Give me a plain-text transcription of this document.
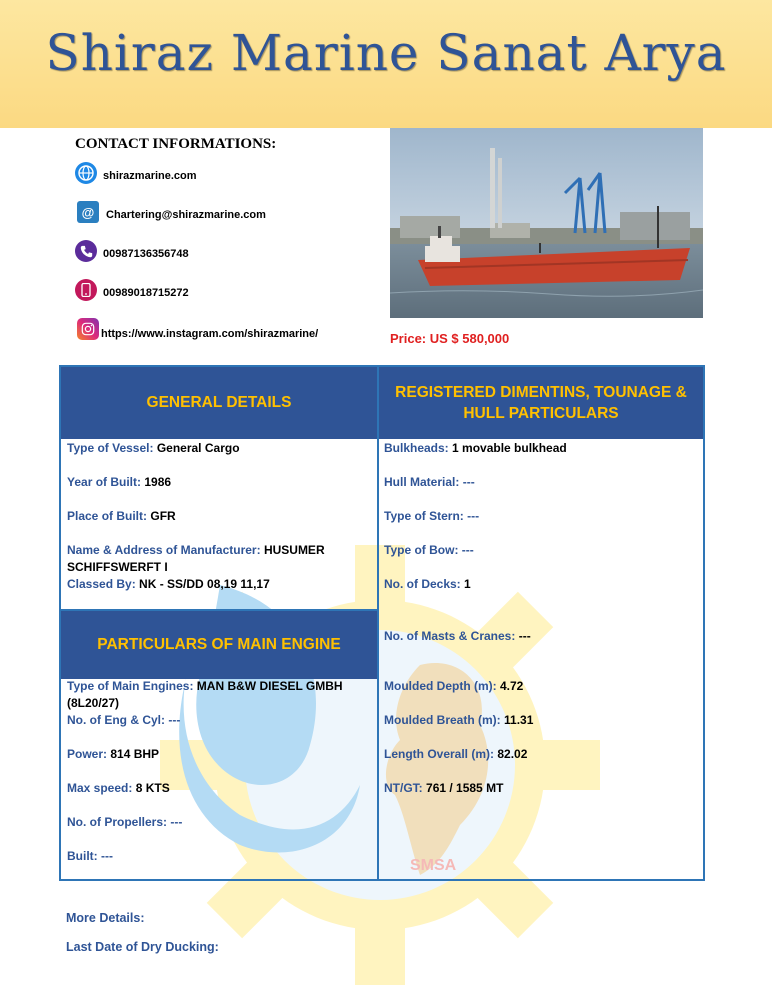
Shiraz Marine Sanat Arya
SMSA
CONTACT INFORMATIONS:
shirazmarine.com
@	Chartering@shirazmarine.com
00987136356748
00989018715272
https://www.instagram.com/shirazmarine/	Price: US $ 580,000
GENERAL DETAILS
REGISTERED DIMENTINS, TOUNAGE & HULL PARTICULARS
PARTICULARS OF MAIN ENGINE
Type of Vessel: General Cargo
Year of Built: 1986
Place of Built: GFR
Name & Address of Manufacturer: HUSUMER SCHIFFSWERFT I
Classed By: NK - SS/DD 08,19 11,17
Type of Main Engines: MAN B&W DIESEL GMBH (8L20/27)
No. of Eng & Cyl: ---
Power: 814 BHP
Max speed: 8 KTS
No. of Propellers: ---
Built: ---
Bulkheads: 1 movable bulkhead
Hull Material: ---
Type of Stern: ---
Type of Bow: ---
No. of Decks: 1
No. of Masts & Cranes: ---
Moulded Depth (m): 4.72
Moulded Breath (m): 11.31
Length Overall (m): 82.02
NT/GT: 761 / 1585 MT
More Details:
Last Date of Dry Ducking:
